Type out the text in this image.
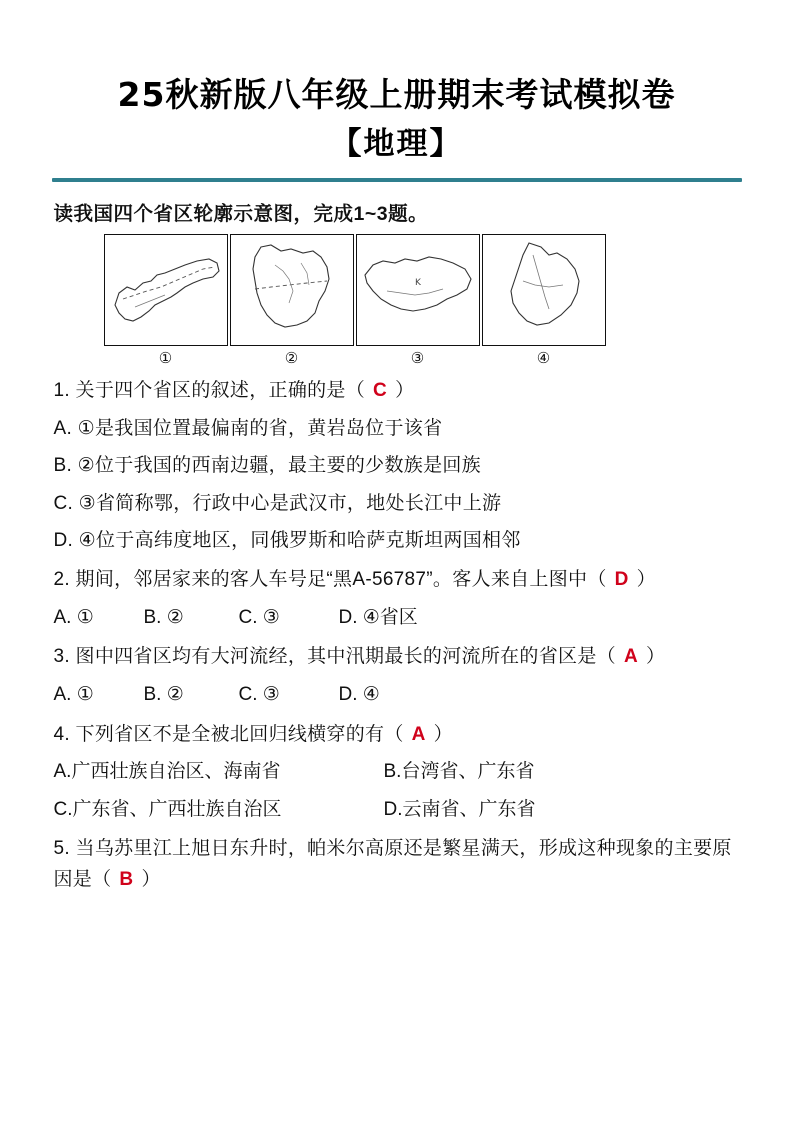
25秋新版八年级上册期末考试模拟卷
【地理】
读我国四个省区轮廓示意图，完成1~3题。
①	②
K
③	④
1. 关于四个省区的叙述，正确的是（ C ）
A. ①是我国位置最偏南的省，黄岩岛位于该省
B. ②位于我国的西南边疆，最主要的少数族是回族
C. ③省简称鄂，行政中心是武汉市，地处长江中上游
D. ④位于高纬度地区，同俄罗斯和哈萨克斯坦两国相邻
2. 期间，邻居家来的客人车号足“黑A-56787”。客人来自上图中（ D ）
A. ①	B. ②	C. ③	D. ④省区
3. 图中四省区均有大河流经，其中汛期最长的河流所在的省区是（ A ）
A. ①	B. ②	C. ③	D. ④
4. 下列省区不是全被北回归线横穿的有（ A ）
A.广西壮族自治区、海南省	B.台湾省、广东省
C.广东省、广西壮族自治区	D.云南省、广东省
5. 当乌苏里江上旭日东升时，帕米尔高原还是繁星满天，形成这种现象的主要原因是（ B ）
